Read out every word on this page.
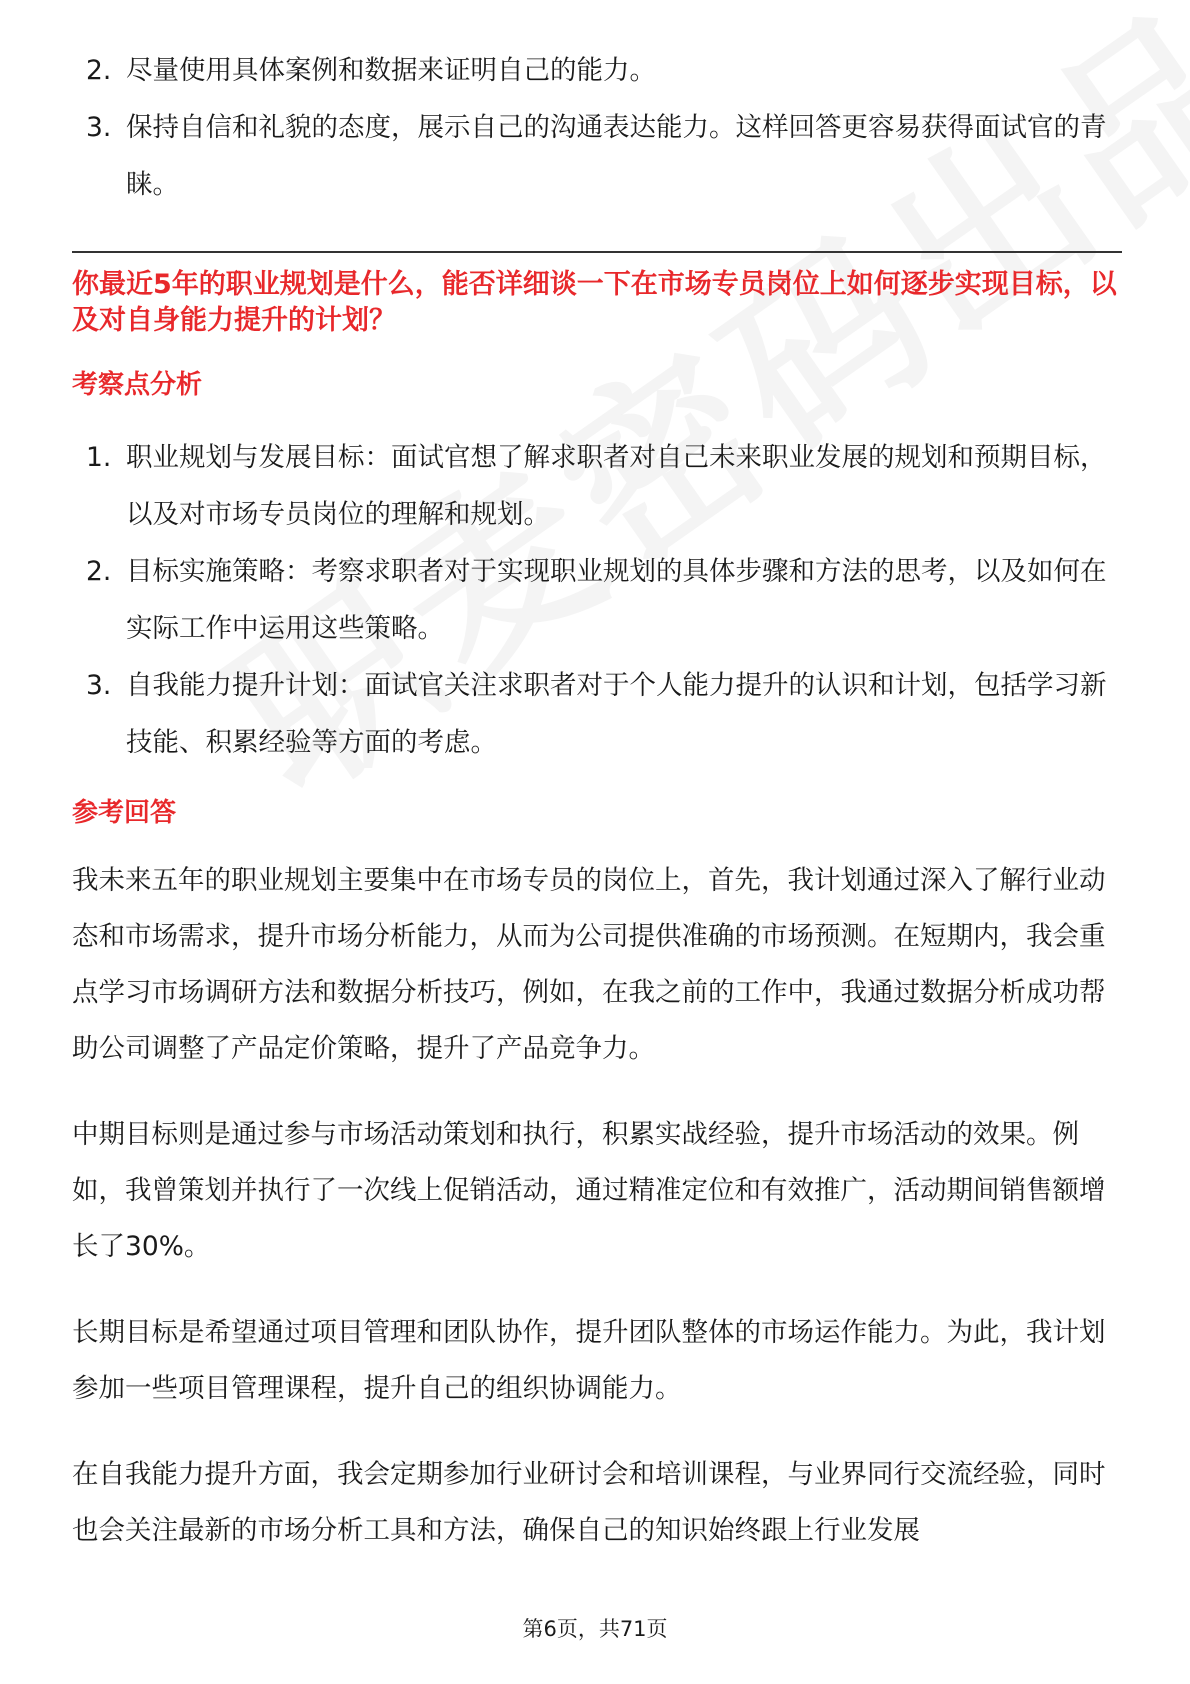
2. 尽量使用具体案例和数据来证明自己的能力。
3. 保持自信和礼貌的态度，展示自己的沟通表达能力。这样回答更容易获得面试官的青睐。

你最近5年的职业规划是什么，能否详细谈一下在市场专员岗位上如何逐步实现目标，以及对自身能力提升的计划？

考察点分析
1. 职业规划与发展目标：面试官想了解求职者对自己未来职业发展的规划和预期目标，以及对市场专员岗位的理解和规划。
2. 目标实施策略：考察求职者对于实现职业规划的具体步骤和方法的思考，以及如何在实际工作中运用这些策略。
3. 自我能力提升计划：面试官关注求职者对于个人能力提升的认识和计划，包括学习新技能、积累经验等方面的考虑。
参考回答

我未来五年的职业规划主要集中在市场专员的岗位上，首先，我计划通过深入了解行业动态和市场需求，提升市场分析能力，从而为公司提供准确的市场预测。在短期内，我会重点学习市场调研方法和数据分析技巧，例如，在我之前的工作中，我通过数据分析成功帮助公司调整了产品定价策略，提升了产品竞争力。

中期目标则是通过参与市场活动策划和执行，积累实战经验，提升市场活动的效果。例如，我曾策划并执行了一次线上促销活动，通过精准定位和有效推广，活动期间销售额增长了30%。

长期目标是希望通过项目管理和团队协作，提升团队整体的市场运作能力。为此，我计划参加一些项目管理课程，提升自己的组织协调能力。

在自我能力提升方面，我会定期参加行业研讨会和培训课程，与业界同行交流经验，同时也会关注最新的市场分析工具和方法，确保自己的知识始终跟上行业发展

第6页，共71页
